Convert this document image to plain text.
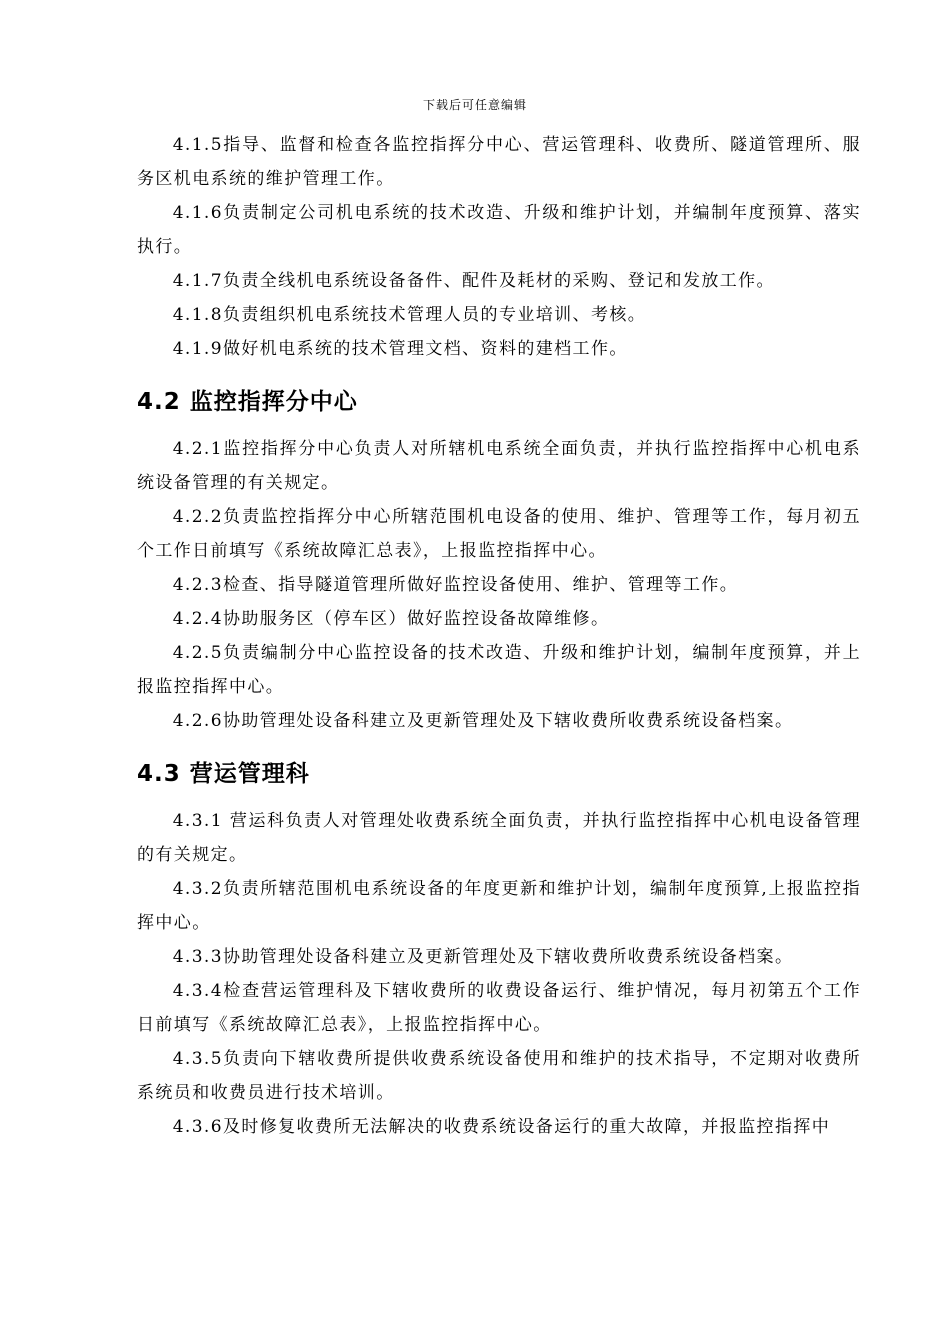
下载后可任意编辑

4.1.5指导、监督和检查各监控指挥分中心、营运管理科、收费所、隧道管理所、服务区机电系统的维护管理工作。

4.1.6负责制定公司机电系统的技术改造、升级和维护计划，并编制年度预算、落实执行。

4.1.7负责全线机电系统设备备件、配件及耗材的采购、登记和发放工作。

4.1.8负责组织机电系统技术管理人员的专业培训、考核。

4.1.9做好机电系统的技术管理文档、资料的建档工作。

4.2 监控指挥分中心

4.2.1监控指挥分中心负责人对所辖机电系统全面负责，并执行监控指挥中心机电系统设备管理的有关规定。

4.2.2负责监控指挥分中心所辖范围机电设备的使用、维护、管理等工作，每月初五个工作日前填写《系统故障汇总表》，上报监控指挥中心。

4.2.3检查、指导隧道管理所做好监控设备使用、维护、管理等工作。

4.2.4协助服务区（停车区）做好监控设备故障维修。

4.2.5负责编制分中心监控设备的技术改造、升级和维护计划，编制年度预算，并上报监控指挥中心。

4.2.6协助管理处设备科建立及更新管理处及下辖收费所收费系统设备档案。

4.3 营运管理科

4.3.1 营运科负责人对管理处收费系统全面负责，并执行监控指挥中心机电设备管理的有关规定。

4.3.2负责所辖范围机电系统设备的年度更新和维护计划，编制年度预算,上报监控指挥中心。

4.3.3协助管理处设备科建立及更新管理处及下辖收费所收费系统设备档案。

4.3.4检查营运管理科及下辖收费所的收费设备运行、维护情况，每月初第五个工作日前填写《系统故障汇总表》，上报监控指挥中心。

4.3.5负责向下辖收费所提供收费系统设备使用和维护的技术指导，不定期对收费所系统员和收费员进行技术培训。

4.3.6及时修复收费所无法解决的收费系统设备运行的重大故障，并报监控指挥中
